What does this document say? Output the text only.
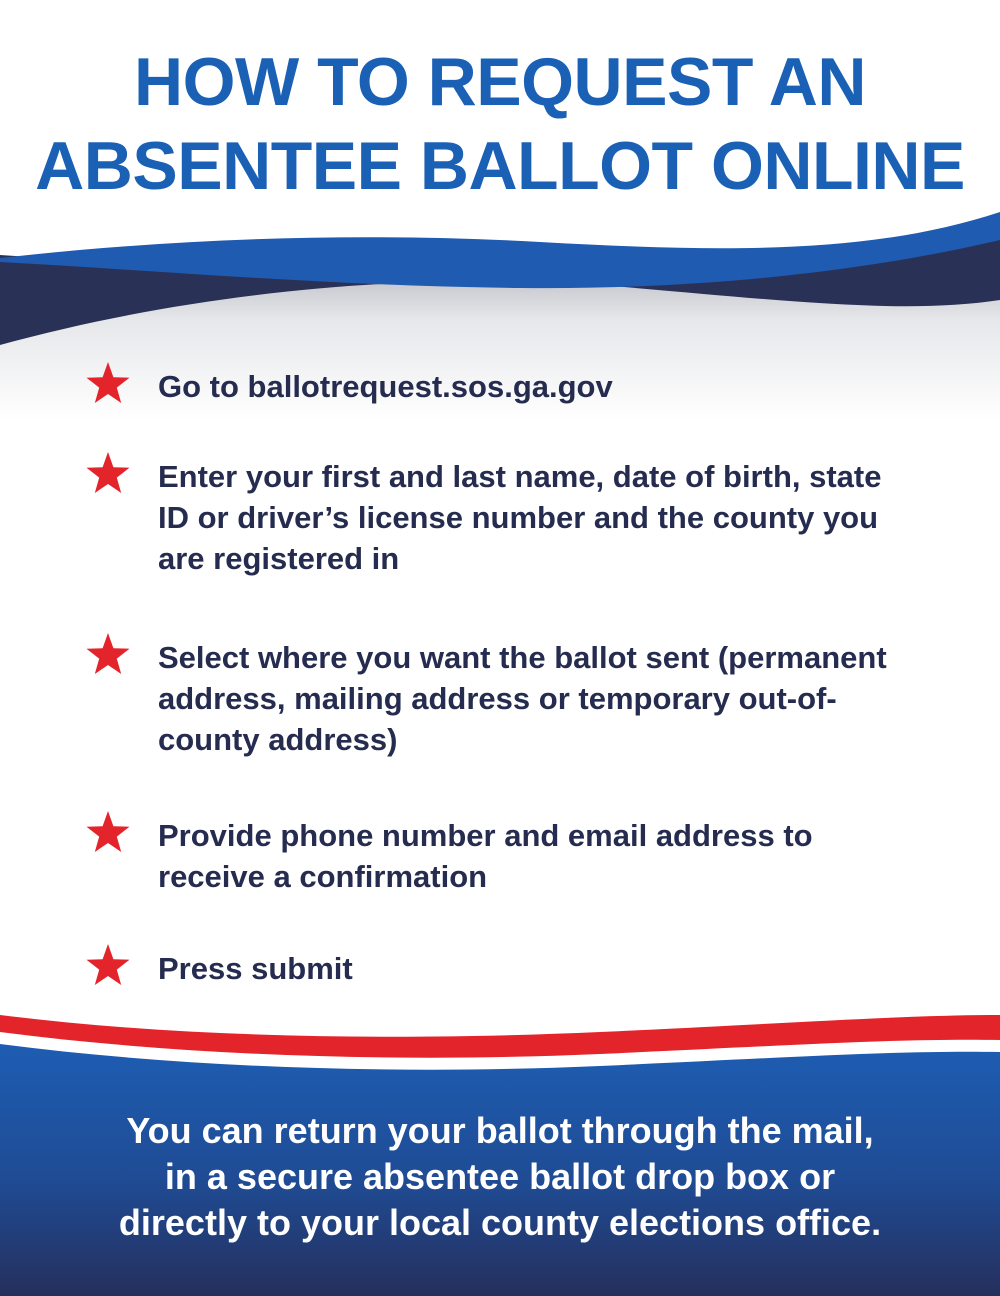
HOW TO REQUEST AN
ABSENTEE BALLOT ONLINE
Go to ballotrequest.sos.ga.gov
Enter your first and last name, date of birth, state ID or driver’s license number and the county you are registered in
Select where you want the ballot sent (permanent address, mailing address or temporary out-of-county address)
Provide phone number and email address to receive a confirmation
Press submit
You can return your ballot through the mail,
in a secure absentee ballot drop box or
directly to your local county elections office.
